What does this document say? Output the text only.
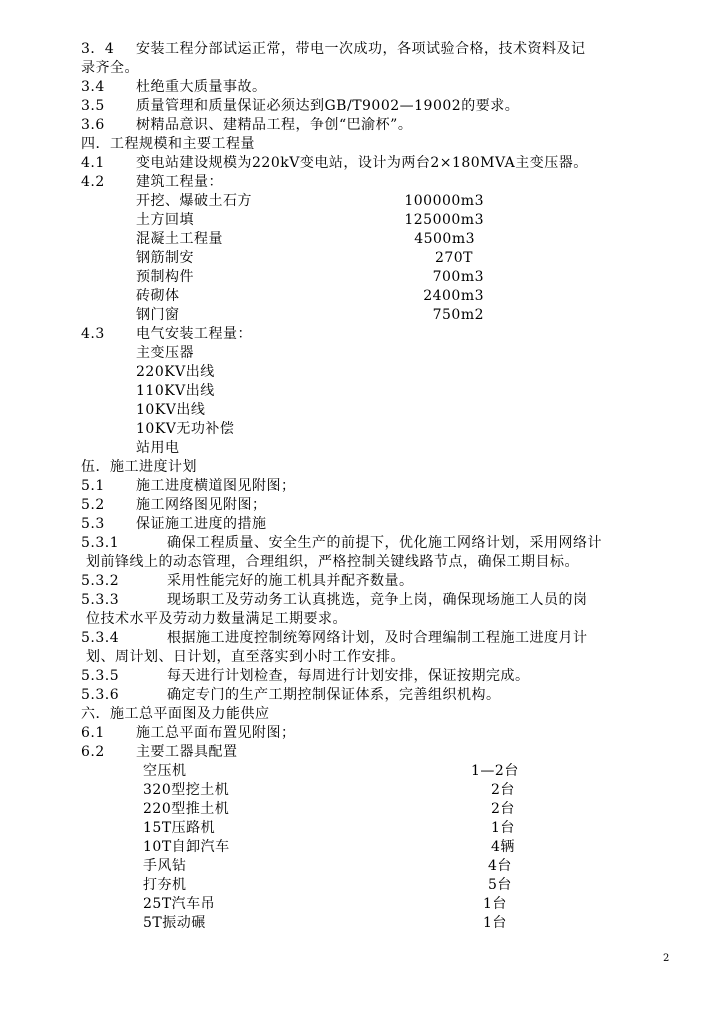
3．4 安装工程分部试运正常，带电一次成功，各项试验合格，技术资料及记
录齐全。
3.4 杜绝重大质量事故。
3.5 质量管理和质量保证必须达到GB/T9002—19002的要求。
3.6 树精品意识、建精品工程，争创“巴渝杯”。
四．工程规模和主要工程量
4.1 变电站建设规模为220kV变电站，设计为两台2×180MVA主变压器。
4.2 建筑工程量：
开挖、爆破土石方	100000m3
土方回填	125000m3
混凝土工程量	4500m3
钢筋制安	270T
预制构件	700m3
砖砌体	2400m3
钢门窗	750m2
4.3 电气安装工程量：
主变压器
220KV出线
110KV出线
10KV出线
10KV无功补偿
站用电
伍．施工进度计划
5.1 施工进度横道图见附图；
5.2 施工网络图见附图；
5.3 保证施工进度的措施
5.3.1	确保工程质量、安全生产的前提下，优化施工网络计划，采用网络计
划前锋线上的动态管理，合理组织，严格控制关键线路节点，确保工期目标。
5.3.2	采用性能完好的施工机具并配齐数量。
5.3.3	现场职工及劳动务工认真挑选，竞争上岗，确保现场施工人员的岗
位技术水平及劳动力数量满足工期要求。
5.3.4	根据施工进度控制统筹网络计划，及时合理编制工程施工进度月计
划、周计划、日计划，直至落实到小时工作安排。
5.3.5	每天进行计划检查，每周进行计划安排，保证按期完成。
5.3.6	确定专门的生产工期控制保证体系，完善组织机构。
六．施工总平面图及力能供应
6.1 施工总平面布置见附图；
6.2 主要工器具配置
空压机	1—2台
320型挖土机	2台
220型推土机	2台
15T压路机	1台
10T自卸汽车	4辆
手风钻	4台
打夯机	5台
25T汽车吊	1台
5T振动碾	1台
2
